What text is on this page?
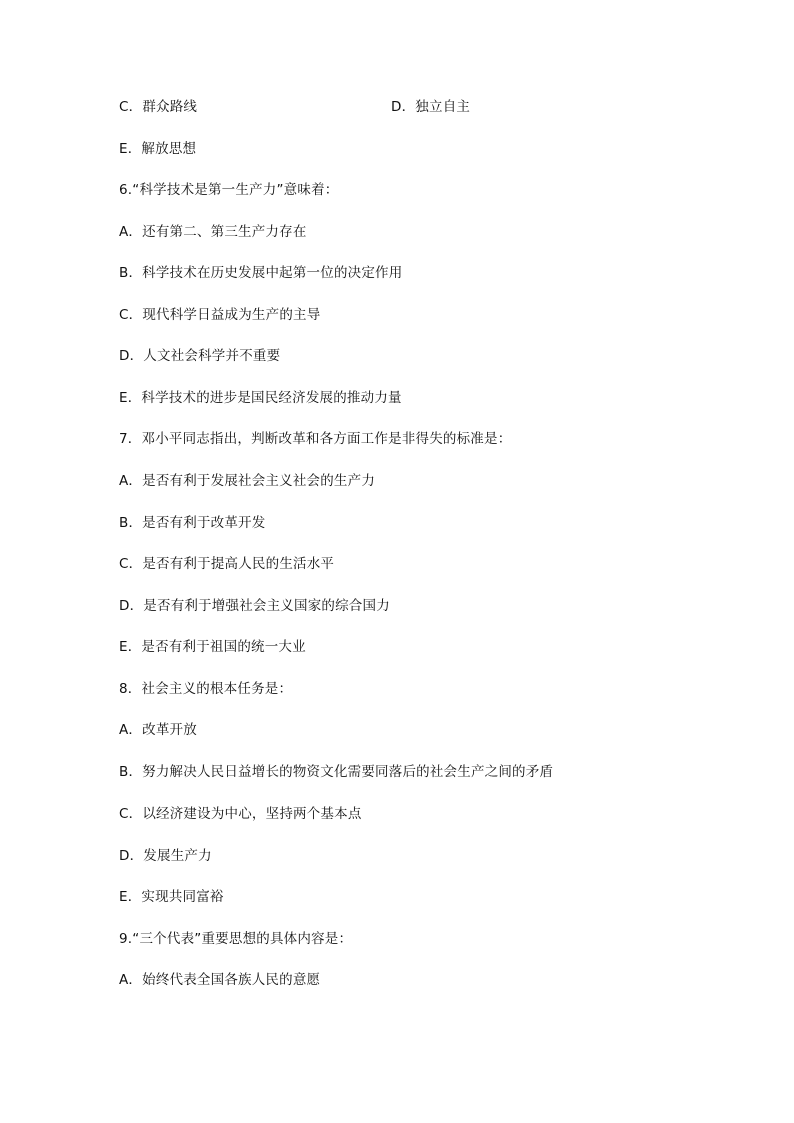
C．群众路线	D．独立自主
E．解放思想
6.“科学技术是第一生产力”意味着：
A．还有第二、第三生产力存在
B．科学技术在历史发展中起第一位的决定作用
C．现代科学日益成为生产的主导
D．人文社会科学并不重要
E．科学技术的进步是国民经济发展的推动力量
7．邓小平同志指出，判断改革和各方面工作是非得失的标准是：
A．是否有利于发展社会主义社会的生产力
B．是否有利于改革开发
C．是否有利于提高人民的生活水平
D．是否有利于增强社会主义国家的综合国力
E．是否有利于祖国的统一大业
8．社会主义的根本任务是：
A．改革开放
B．努力解决人民日益增长的物资文化需要同落后的社会生产之间的矛盾
C．以经济建设为中心，坚持两个基本点
D．发展生产力
E．实现共同富裕
9.“三个代表”重要思想的具体内容是：
A．始终代表全国各族人民的意愿
